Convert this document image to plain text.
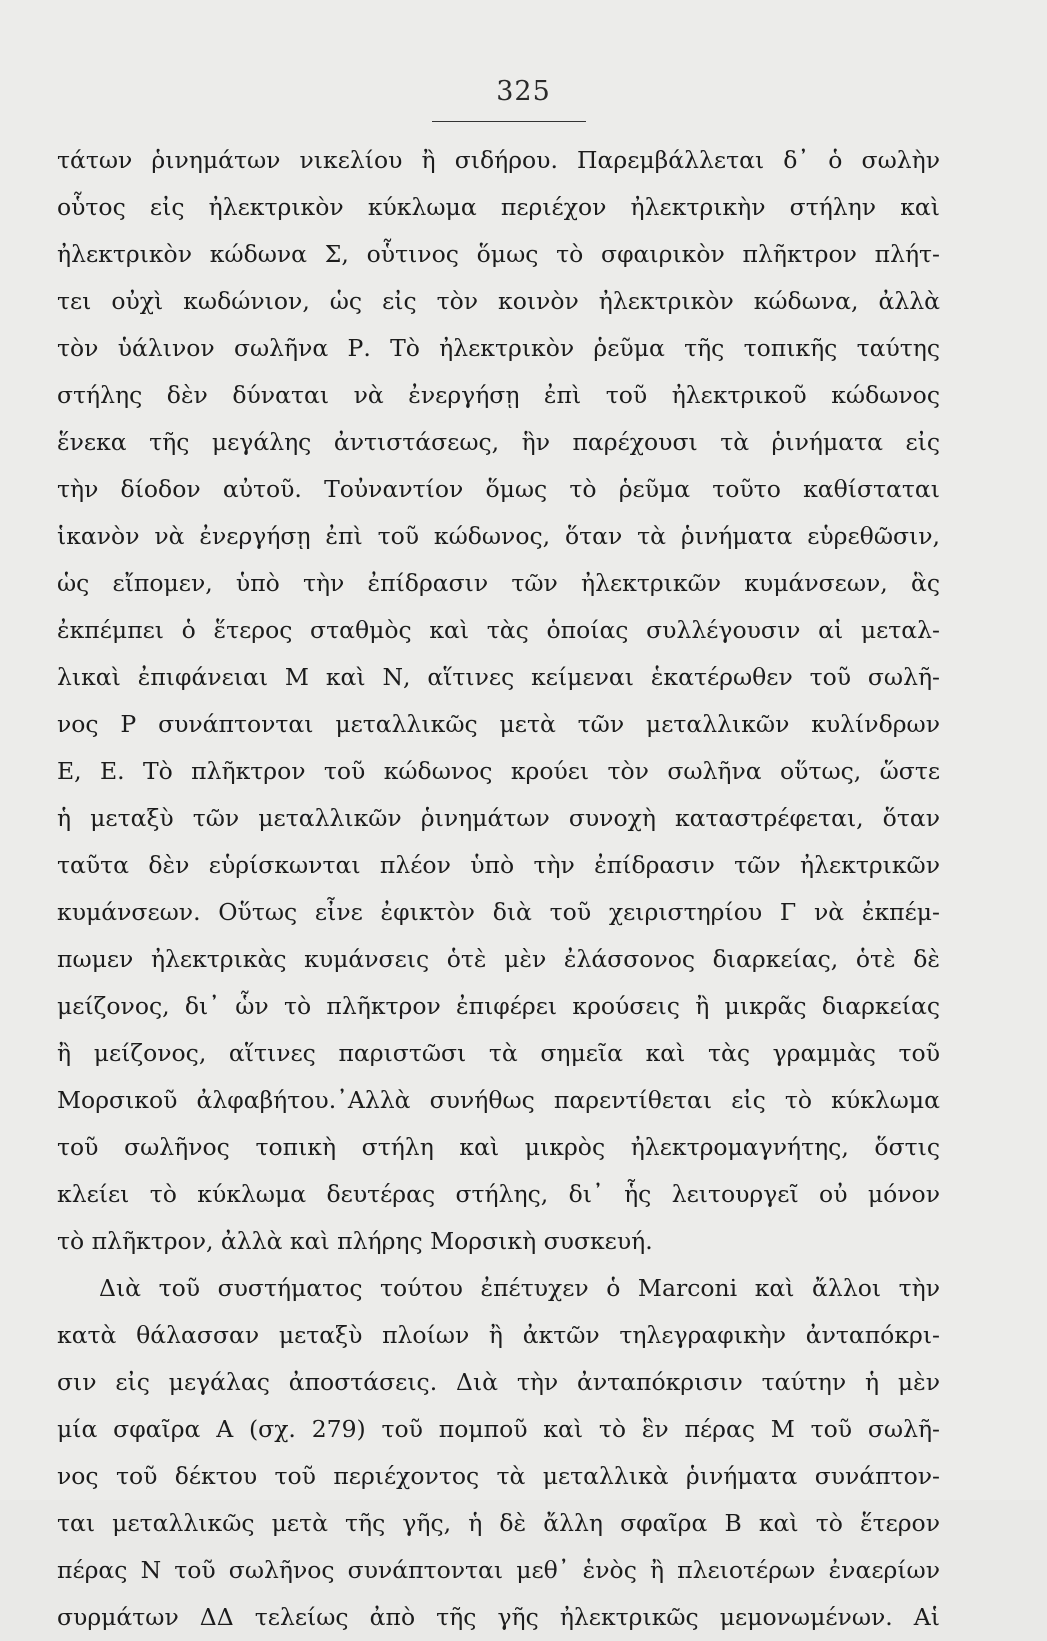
325
τάτων ῥινημάτων νικελίου ἢ σιδήρου. Παρεμβάλλεται δ᾽ ὁ σωλὴν
οὗτος εἰς ἠλεκτρικὸν κύκλωμα περιέχον ἠλεκτρικὴν στήλην καὶ
ἠλεκτρικὸν κώδωνα Σ, οὗτινος ὅμως τὸ σφαιρικὸν πλῆκτρον πλήτ-
τει οὐχὶ κωδώνιον, ὡς εἰς τὸν κοινὸν ἠλεκτρικὸν κώδωνα, ἀλλὰ
τὸν ὑάλινον σωλῆνα Ρ. Τὸ ἠλεκτρικὸν ῥεῦμα τῆς τοπικῆς ταύτης
στήλης δὲν δύναται νὰ ἐνεργήσῃ ἐπὶ τοῦ ἠλεκτρικοῦ κώδωνος
ἕνεκα τῆς μεγάλης ἀντιστάσεως, ἣν παρέχουσι τὰ ῥινήματα εἰς
τὴν δίοδον αὐτοῦ. Τοὐναντίον ὅμως τὸ ῥεῦμα τοῦτο καθίσταται
ἱκανὸν νὰ ἐνεργήσῃ ἐπὶ τοῦ κώδωνος, ὅταν τὰ ῥινήματα εὑρεθῶσιν,
ὡς εἴπομεν, ὑπὸ τὴν ἐπίδρασιν τῶν ἠλεκτρικῶν κυμάνσεων, ἃς
ἐκπέμπει ὁ ἕτερος σταθμὸς καὶ τὰς ὁποίας συλλέγουσιν αἱ μεταλ-
λικαὶ ἐπιφάνειαι Μ καὶ Ν, αἵτινες κείμεναι ἑκατέρωθεν τοῦ σωλῆ-
νος Ρ συνάπτονται μεταλλικῶς μετὰ τῶν μεταλλικῶν κυλίνδρων
Ε, Ε. Τὸ πλῆκτρον τοῦ κώδωνος κρούει τὸν σωλῆνα οὕτως, ὥστε
ἡ μεταξὺ τῶν μεταλλικῶν ῥινημάτων συνοχὴ καταστρέφεται, ὅταν
ταῦτα δὲν εὑρίσκωνται πλέον ὑπὸ τὴν ἐπίδρασιν τῶν ἠλεκτρικῶν
κυμάνσεων. Οὕτως εἶνε ἐφικτὸν διὰ τοῦ χειριστηρίου Γ νὰ ἐκπέμ-
πωμεν ἠλεκτρικὰς κυμάνσεις ὁτὲ μὲν ἐλάσσονος διαρκείας, ὁτὲ δὲ
μείζονος, δι᾽ ὧν τὸ πλῆκτρον ἐπιφέρει κρούσεις ἢ μικρᾶς διαρκείας
ἢ μείζονος, αἵτινες παριστῶσι τὰ σημεῖα καὶ τὰς γραμμὰς τοῦ
Μορσικοῦ ἀλφαβήτου.᾽Αλλὰ συνήθως παρεντίθεται εἰς τὸ κύκλωμα
τοῦ σωλῆνος τοπικὴ στήλη καὶ μικρὸς ἠλεκτρομαγνήτης, ὅστις
κλείει τὸ κύκλωμα δευτέρας στήλης, δι᾽ ἧς λειτουργεῖ οὐ μόνον
τὸ πλῆκτρον, ἀλλὰ καὶ πλήρης Μορσικὴ συσκευή.
Διὰ τοῦ συστήματος τούτου ἐπέτυχεν ὁ Marconi καὶ ἄλλοι τὴν
κατὰ θάλασσαν μεταξὺ πλοίων ἢ ἀκτῶν τηλεγραφικὴν ἀνταπόκρι-
σιν εἰς μεγάλας ἀποστάσεις. Διὰ τὴν ἀνταπόκρισιν ταύτην ἡ μὲν
μία σφαῖρα Α (σχ. 279) τοῦ πομποῦ καὶ τὸ ἓν πέρας Μ τοῦ σωλῆ-
νος τοῦ δέκτου τοῦ περιέχοντος τὰ μεταλλικὰ ῥινήματα συνάπτον-
ται μεταλλικῶς μετὰ τῆς γῆς, ἡ δὲ ἄλλη σφαῖρα Β καὶ τὸ ἕτερον
πέρας Ν τοῦ σωλῆνος συνάπτονται μεθ᾽ ἑνὸς ἢ πλειοτέρων ἐναερίων
συρμάτων ΔΔ τελείως ἀπὸ τῆς γῆς ἠλεκτρικῶς μεμονωμένων. Αἱ
